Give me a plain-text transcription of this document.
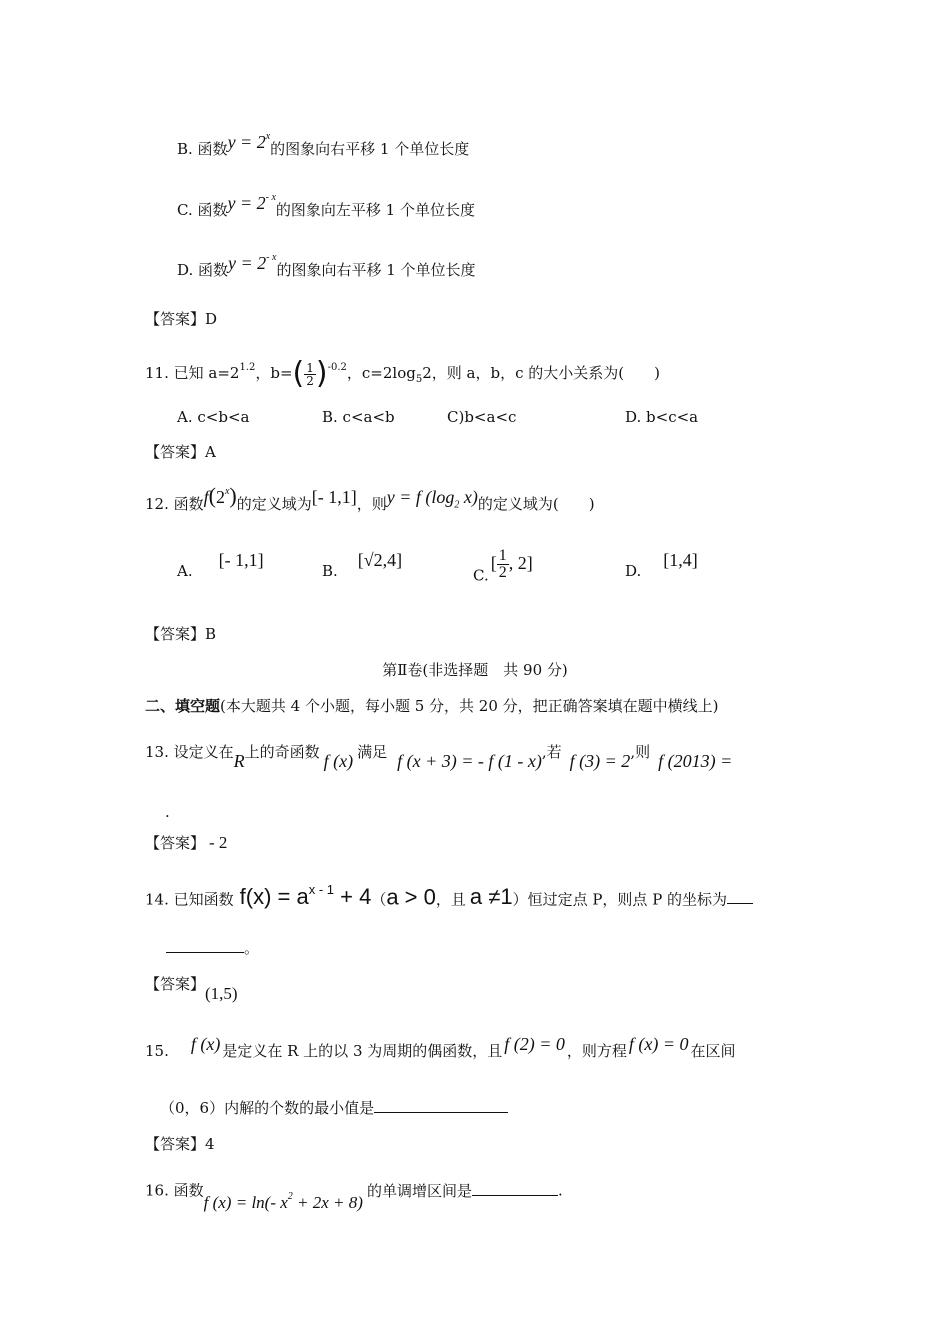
B. 函数$y = 2^x$的图象向右平移 1 个单位长度
C. 函数$y = 2^{- x}$的图象向左平移 1 个单位长度
D. 函数$y = 2^{- x}$的图象向右平移 1 个单位长度
【答案】D
11. 已知 $a=2^{1.2}$，$b=( \frac{1}{2} )^{-0.2}$，$c=2\log_52$，则 a，b，c 的大小关系为(　　)
A. c<b<a	B. c<a<b	C)b<a<c	D. b<c<a
【答案】A
12. 函数f(2$^x$)的定义域为[- 1,1]，则y = f ($\log_2$ x)的定义域为(　　)
A.[- 1,1]
B.[√2,4]
$C.[ \frac{1}{2}$ , 2]	D.[1,4]
【答案】B
第Ⅱ卷(非选择题　共 90 分)
二、填空题(本大题共 4 个小题，每小题 5 分，共 20 分，把正确答案填在题中横线上)
13. 设定义在R上的奇函数 f (x) 满足 f (x + 3) = - f (1 - x),若 f (3) = 2,则 f (2013) =
.
【答案】 - 2
14. 已知函数 $f(x) = a^{x - 1} + 4(a > 0$，且 a ≠1）恒过定点 P，则点 P 的坐标为
。
【答案】(1,5)
15. f (x) 是定义在 R 上的以 3 为周期的偶函数，且 f (2) = 0 ，则方程 f (x) = 0 在区间
（0，6）内解的个数的最小值是
【答案】4
16. 函数f (x) = ln(- $x^2 + 2x + 8$)的单调增区间是	.
